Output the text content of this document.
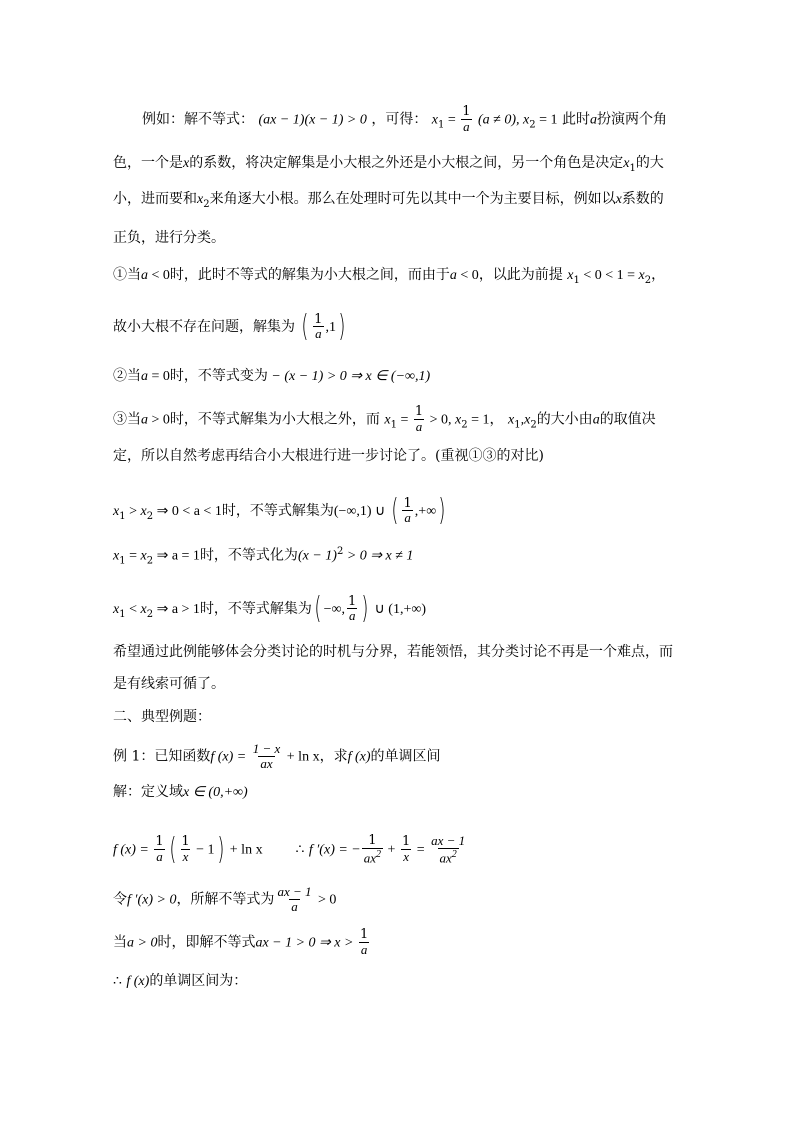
例如：解不等式： (ax − 1)(x − 1) > 0 ，可得： $x_1 = \frac{1}{a} (a \ne 0)$, $x_2 = 1$ 此时a扮演两个角
色，一个是x的系数，将决定解集是小大根之外还是小大根之间，另一个角色是决定$x_1$的大
小，进而要和$x_2$来角逐大小根。那么在处理时可先以其中一个为主要目标，例如以x系数的
正负，进行分类。
①当a < 0时，此时不等式的解集为小大根之间，而由于a < 0，以此为前提 $x_1 < 0 < 1 = x_2$，
故小大根不存在问题，解集为 ( $\frac{1}{a} ,1$)
②当a = 0时，不等式变为 − (x − 1) > 0 ⇒ x ∈ (−∞,1)
③当a > 0时，不等式解集为小大根之外，而 $x_1 = \frac{1}{a} > 0$, $x_2 = 1$， $x_1,x_2$的大小由a的取值决
定，所以自然考虑再结合小大根进行进一步讨论了。(重视①③的对比)
$x_1 > x_2$ ⇒ 0 < a < 1时，不等式解集为(−∞,1) ∪ ( $\frac{1}{a}$ ,+∞)
$x_1 = x_2$ ⇒ a = 1时，不等式化为$(x - 1)^2 > 0$ ⇒ x ≠ 1
$x_1 < x_2$ ⇒ a > 1时，不等式解集为( −∞, $\frac{1}{a}$ ) ∪ (1,+∞)
希望通过此例能够体会分类讨论的时机与分界，若能领悟，其分类讨论不再是一个难点，而
是有线索可循了。
二、典型例题：
例 1：已知函数f $(x) = \frac{1 - x}{ax} + \ln x$，求f (x)的单调区间
解：定义域x ∈ (0,+∞)
f $(x) = \frac{1}{a}$ ( $\frac{1}{x} - 1) + \ln x$ ∴ f ′(x) = − $\frac{1}{ax^2} + \frac{1}{x} = \frac{ax - 1}{ax^2}$
令f ′(x) > 0，所解不等式为 $\frac{ax - 1}{a} > 0$
当a > 0时，即解不等式ax − 1 > 0 ⇒ $x > \frac{1}{a}$
∴ f (x)的单调区间为：
